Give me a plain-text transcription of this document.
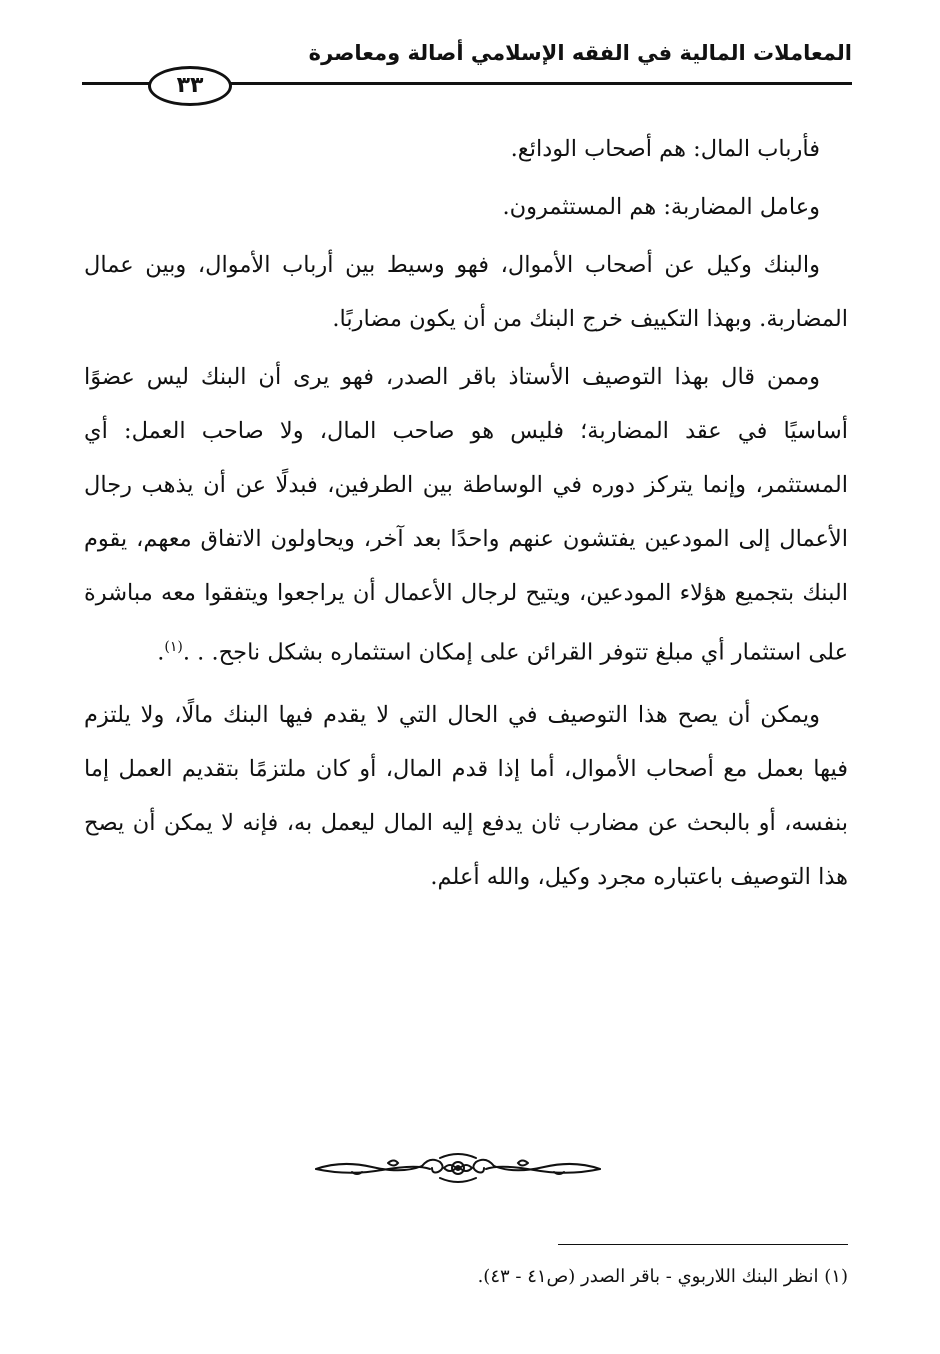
المعاملات المالية في الفقه الإسلامي أصالة ومعاصرة
٣٣

فأرباب المال: هم أصحاب الودائع.

وعامل المضاربة: هم المستثمرون.

والبنك وكيل عن أصحاب الأموال، فهو وسيط بين أرباب الأموال، وبين عمال المضاربة. وبهذا التكييف خرج البنك من أن يكون مضاربًا.

وممن قال بهذا التوصيف الأستاذ باقر الصدر، فهو يرى أن البنك ليس عضوًا أساسيًا في عقد المضاربة؛ فليس هو صاحب المال، ولا صاحب العمل: أي المستثمر، وإنما يتركز دوره في الوساطة بين الطرفين، فبدلًا عن أن يذهب رجال الأعمال إلى المودعين يفتشون عنهم واحدًا بعد آخر، ويحاولون الاتفاق معهم، يقوم البنك بتجميع هؤلاء المودعين، ويتيح لرجال الأعمال أن يراجعوا ويتفقوا معه مباشرة على استثمار أي مبلغ تتوفر القرائن على إمكان استثماره بشكل ناجح. . .$^{(١)}$.

ويمكن أن يصح هذا التوصيف في الحال التي لا يقدم فيها البنك مالًا، ولا يلتزم فيها بعمل مع أصحاب الأموال، أما إذا قدم المال، أو كان ملتزمًا بتقديم العمل إما بنفسه، أو بالبحث عن مضارب ثان يدفع إليه المال ليعمل به، فإنه لا يمكن أن يصح هذا التوصيف باعتباره مجرد وكيل، والله أعلم.

(١) انظر البنك اللاربوي - باقر الصدر (ص٤١ - ٤٣).
